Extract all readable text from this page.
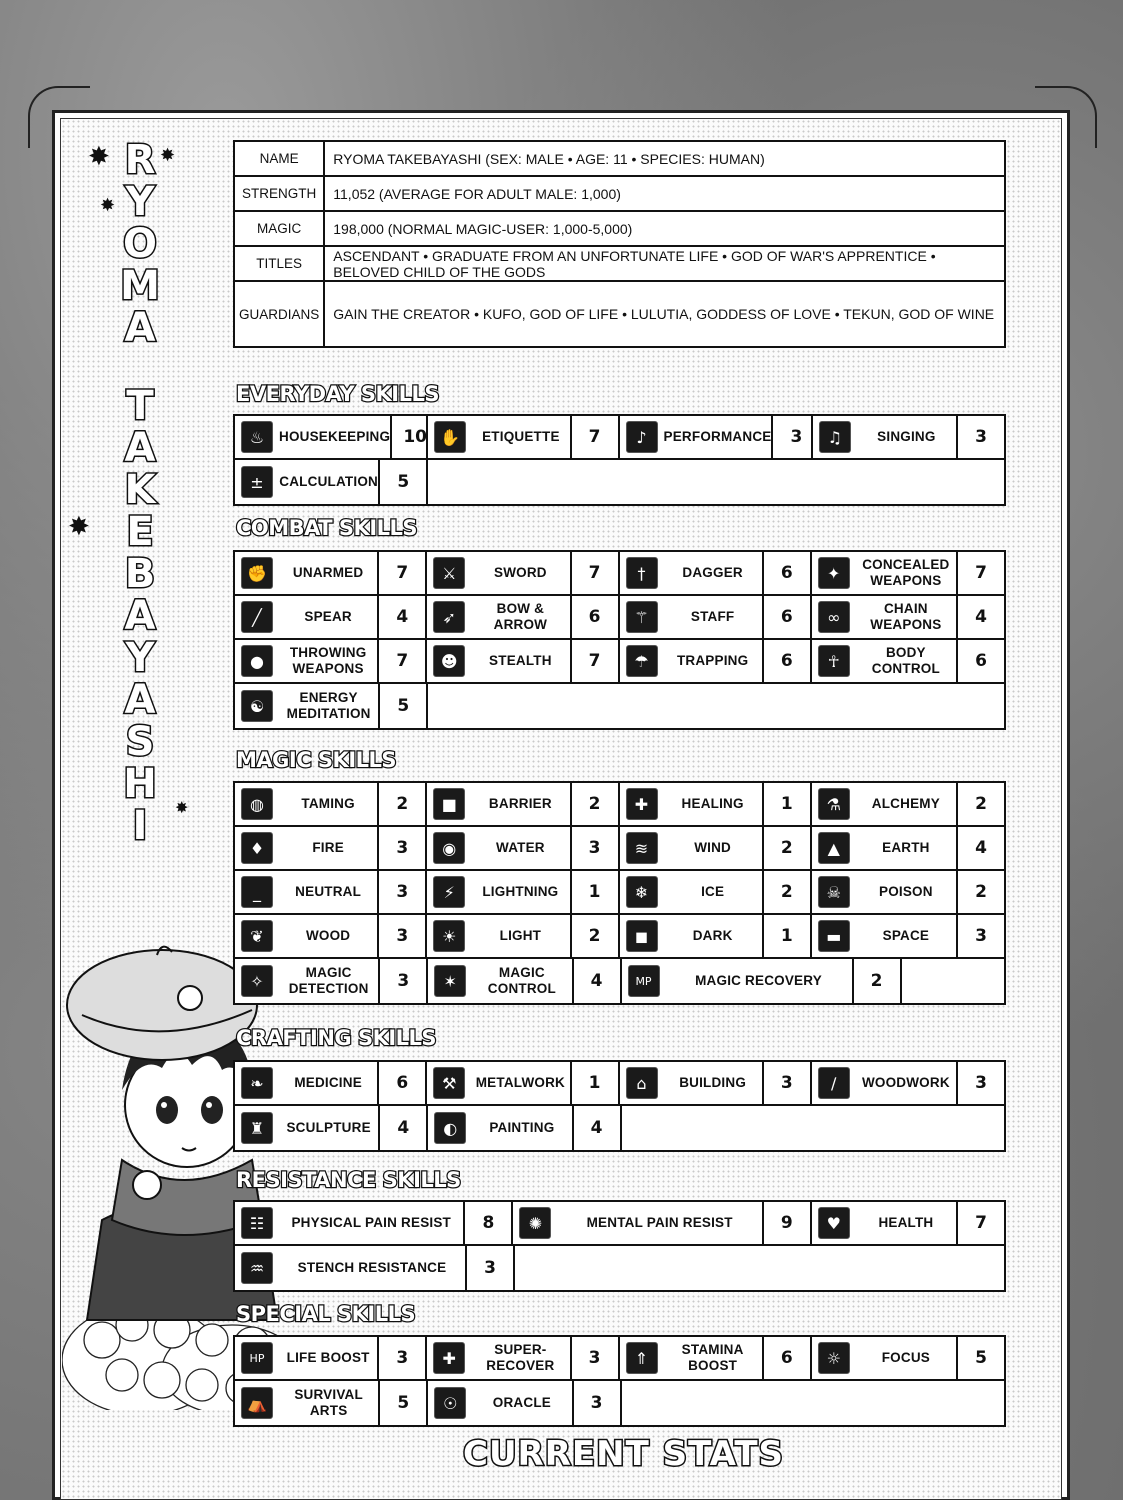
✸	✸
✸
✸
✸
R
Y
O
M
A
T
A
K
E
B
A
Y
A
S
H
I
NAME	RYOMA TAKEBAYASHI (SEX: MALE • AGE: 11 • SPECIES: HUMAN)
STRENGTH	11,052 (AVERAGE FOR ADULT MALE: 1,000)
MAGIC	198,000 (NORMAL MAGIC-USER: 1,000-5,000)
TITLES	ASCENDANT • GRADUATE FROM AN UNFORTUNATE LIFE • GOD OF WAR'S APPRENTICE • BELOVED CHILD OF THE GODS
GUARDIANS	GAIN THE CREATOR • KUFO, GOD OF LIFE • LULUTIA, GODDESS OF LOVE • TEKUN, GOD OF WINE
EVERYDAY SKILLS
♨	HOUSEKEEPING 10 ✋	ETIQUETTE	7	♪	PERFORMANCE	3	♫	SINGING	3
±	CALCULATION	5
COMBAT SKILLS
✊	UNARMED	7	⚔	SWORD	7	†	DAGGER	6	✦	CONCEALED WEAPONS	7
╱	SPEAR	4	➶	BOW & ARROW	6	⚚	STAFF	6	∞	CHAIN WEAPONS	4
●	THROWING WEAPONS	7	☻	STEALTH	7	☂	TRAPPING	6	☥	BODY CONTROL	6
☯	ENERGY MEDITATION	5
MAGIC SKILLS
◍	TAMING	2	■	BARRIER	2	✚	HEALING	1	⚗	ALCHEMY	2
♦	FIRE	3	◉	WATER	3	≋	WIND	2	▲	EARTH	4
_	NEUTRAL	3	⚡	LIGHTNING	1	❄	ICE	2	☠	POISON	2
❦	WOOD	3	☀	LIGHT	2	◼	DARK	1	▬	SPACE	3
✧	MAGIC DETECTION	3	✶	MAGIC CONTROL	4	MP	MAGIC RECOVERY	2
CRAFTING SKILLS
❧	MEDICINE	6	⚒	METALWORK	1	⌂	BUILDING	3	∕	WOODWORK	3
♜	SCULPTURE	4	◐	PAINTING	4
RESISTANCE SKILLS
☷	PHYSICAL PAIN RESIST	8	✺	MENTAL PAIN RESIST	9	♥	HEALTH	7
♒	STENCH RESISTANCE	3
SPECIAL SKILLS
HP	LIFE BOOST	3	✚	SUPER-RECOVER	3	⇑	STAMINA BOOST	6	☼	FOCUS	5
⛺	SURVIVAL ARTS	5	☉	ORACLE	3
CURRENT STATS
